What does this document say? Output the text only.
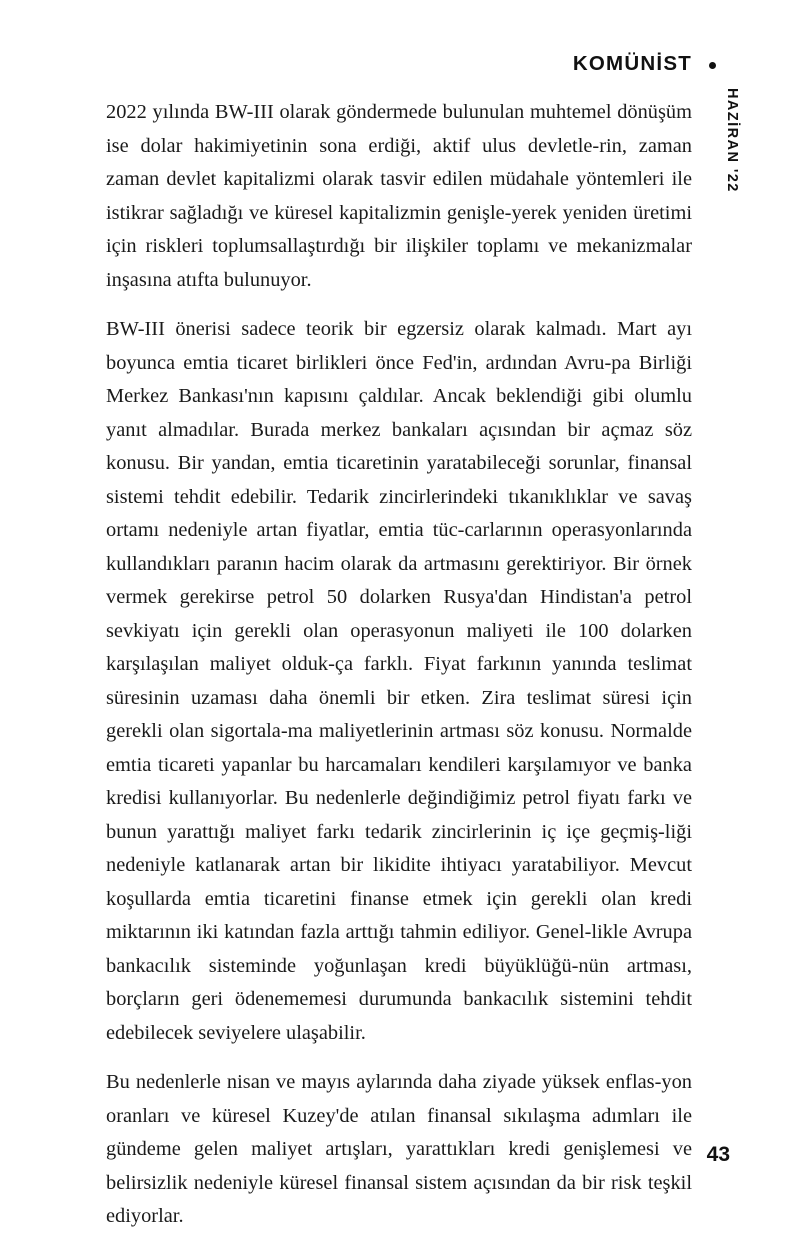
KOMÜNİST
HAZİRAN '22

2022 yılında BW-III olarak göndermede bulunulan muhtemel dönüşüm ise dolar hakimiyetinin sona erdiği, aktif ulus devletle-rin, zaman zaman devlet kapitalizmi olarak tasvir edilen müdahale yöntemleri ile istikrar sağladığı ve küresel kapitalizmin genişle-yerek yeniden üretimi için riskleri toplumsallaştırdığı bir ilişkiler toplamı ve mekanizmalar inşasına atıfta bulunuyor.

BW-III önerisi sadece teorik bir egzersiz olarak kalmadı. Mart ayı boyunca emtia ticaret birlikleri önce Fed'in, ardından Avru-pa Birliği Merkez Bankası'nın kapısını çaldılar. Ancak beklendiği gibi olumlu yanıt almadılar. Burada merkez bankaları açısından bir açmaz söz konusu. Bir yandan, emtia ticaretinin yaratabileceği sorunlar, finansal sistemi tehdit edebilir. Tedarik zincirlerindeki tıkanıklıklar ve savaş ortamı nedeniyle artan fiyatlar, emtia tüc-carlarının operasyonlarında kullandıkları paranın hacim olarak da artmasını gerektiriyor. Bir örnek vermek gerekirse petrol 50 dolarken Rusya'dan Hindistan'a petrol sevkiyatı için gerekli olan operasyonun maliyeti ile 100 dolarken karşılaşılan maliyet olduk-ça farklı. Fiyat farkının yanında teslimat süresinin uzaması daha önemli bir etken. Zira teslimat süresi için gerekli olan sigortala-ma maliyetlerinin artması söz konusu. Normalde emtia ticareti yapanlar bu harcamaları kendileri karşılamıyor ve banka kredisi kullanıyorlar. Bu nedenlerle değindiğimiz petrol fiyatı farkı ve bunun yarattığı maliyet farkı tedarik zincirlerinin iç içe geçmiş-liği nedeniyle katlanarak artan bir likidite ihtiyacı yaratabiliyor. Mevcut koşullarda emtia ticaretini finanse etmek için gerekli olan kredi miktarının iki katından fazla arttığı tahmin ediliyor. Genel-likle Avrupa bankacılık sisteminde yoğunlaşan kredi büyüklüğü-nün artması, borçların geri ödenememesi durumunda bankacılık sistemini tehdit edebilecek seviyelere ulaşabilir.

Bu nedenlerle nisan ve mayıs aylarında daha ziyade yüksek enflas-yon oranları ve küresel Kuzey'de atılan finansal sıkılaşma adımları ile gündeme gelen maliyet artışları, yarattıkları kredi genişlemesi ve belirsizlik nedeniyle küresel finansal sistem açısından da bir risk teşkil ediyorlar.

43
